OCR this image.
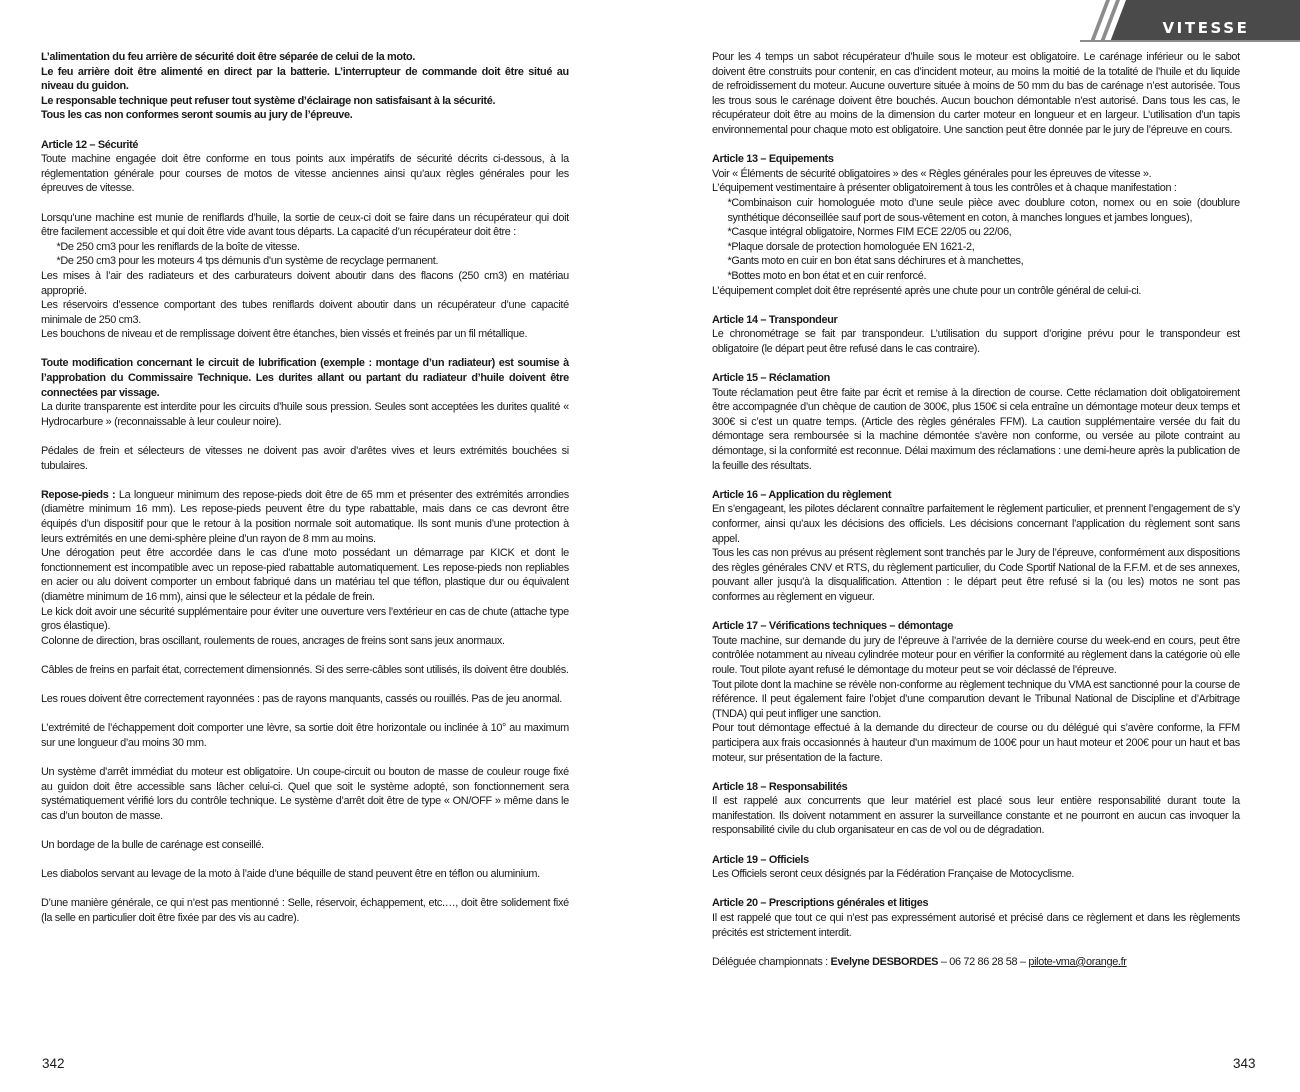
VITESSE

L’alimentation du feu arrière de sécurité doit être séparée de celui de la moto.

Le feu arrière doit être alimenté en direct par la batterie. L’interrupteur de commande doit être situé au niveau du guidon.

Le responsable technique peut refuser tout système d’éclairage non satisfaisant à la sécurité.

Tous les cas non conformes seront soumis au jury de l’épreuve.

Article 12 – Sécurité

Toute machine engagée doit être conforme en tous points aux impératifs de sécurité décrits ci-dessous, à la réglementation générale pour courses de motos de vitesse anciennes ainsi qu’aux règles générales pour les épreuves de vitesse.

Lorsqu’une machine est munie de reniflards d’huile, la sortie de ceux-ci doit se faire dans un récupérateur qui doit être facilement accessible et qui doit être vide avant tous départs. La capacité d’un récupérateur doit être :

*De 250 cm3 pour les reniflards de la boîte de vitesse.

*De 250 cm3 pour les moteurs 4 tps démunis d’un système de recyclage permanent.

Les mises à l’air des radiateurs et des carburateurs doivent aboutir dans des flacons (250 cm3) en matériau approprié.

Les réservoirs d’essence comportant des tubes reniflards doivent aboutir dans un récupérateur d’une capacité minimale de 250 cm3.

Les bouchons de niveau et de remplissage doivent être étanches, bien vissés et freinés par un fil métallique.

Toute modification concernant le circuit de lubrification (exemple : montage d’un radiateur) est soumise à l’approbation du Commissaire Technique. Les durites allant ou partant du radiateur d’huile doivent être connectées par vissage.

La durite transparente est interdite pour les circuits d’huile sous pression. Seules sont acceptées les durites qualité « Hydrocarbure » (reconnaissable à leur couleur noire).

Pédales de frein et sélecteurs de vitesses ne doivent pas avoir d’arêtes vives et leurs extrémités bouchées si tubulaires.

Repose-pieds : La longueur minimum des repose-pieds doit être de 65 mm et présenter des extrémités arrondies (diamètre minimum 16 mm). Les repose-pieds peuvent être du type rabattable, mais dans ce cas devront être équipés d’un dispositif pour que le retour à la position normale soit automatique. Ils sont munis d’une protection à leurs extrémités en une demi-sphère pleine d’un rayon de 8 mm au moins.

Une dérogation peut être accordée dans le cas d’une moto possédant un démarrage par KICK et dont le fonctionnement est incompatible avec un repose-pied rabattable automatiquement. Les repose-pieds non repliables en acier ou alu doivent comporter un embout fabriqué dans un matériau tel que téflon, plastique dur ou équivalent (diamètre minimum de 16 mm), ainsi que le sélecteur et la pédale de frein.

Le kick doit avoir une sécurité supplémentaire pour éviter une ouverture vers l’extérieur en cas de chute (attache type gros élastique).

Colonne de direction, bras oscillant, roulements de roues, ancrages de freins sont sans jeux anormaux.

Câbles de freins en parfait état, correctement dimensionnés. Si des serre-câbles sont utilisés, ils doivent être doublés.

Les roues doivent être correctement rayonnées : pas de rayons manquants, cassés ou rouillés. Pas de jeu anormal.

L’extrémité de l’échappement doit comporter une lèvre, sa sortie doit être horizontale ou inclinée à 10° au maximum sur une longueur d’au moins 30 mm.

Un système d’arrêt immédiat du moteur est obligatoire. Un coupe-circuit ou bouton de masse de couleur rouge fixé au guidon doit être accessible sans lâcher celui-ci. Quel que soit le système adopté, son fonctionnement sera systématiquement vérifié lors du contrôle technique. Le système d’arrêt doit être de type « ON/OFF » même dans le cas d’un bouton de masse.

Un bordage de la bulle de carénage est conseillé.

Les diabolos servant au levage de la moto à l’aide d’une béquille de stand peuvent être en téflon ou aluminium.

D’une manière générale, ce qui n’est pas mentionné : Selle, réservoir, échappement, etc.…, doit être solidement fixé (la selle en particulier doit être fixée par des vis au cadre).

Pour les 4 temps un sabot récupérateur d’huile sous le moteur est obligatoire. Le carénage inférieur ou le sabot doivent être construits pour contenir, en cas d’incident moteur, au moins la moitié de la totalité de l’huile et du liquide de refroidissement du moteur. Aucune ouverture située à moins de 50 mm du bas de carénage n’est autorisée. Tous les trous sous le carénage doivent être bouchés. Aucun bouchon démontable n’est autorisé. Dans tous les cas, le récupérateur doit être au moins de la dimension du carter moteur en longueur et en largeur. L’utilisation d’un tapis environnemental pour chaque moto est obligatoire. Une sanction peut être donnée par le jury de l’épreuve en cours.

Article 13 – Equipements

Voir « Éléments de sécurité obligatoires » des « Règles générales pour les épreuves de vitesse ».

L’équipement vestimentaire à présenter obligatoirement à tous les contrôles et à chaque manifestation :

*Combinaison cuir homologuée moto d’une seule pièce avec doublure coton, nomex ou en soie (doublure synthétique déconseillée sauf port de sous-vêtement en coton, à manches longues et jambes longues),

*Casque intégral obligatoire, Normes FIM ECE 22/05 ou 22/06,

*Plaque dorsale de protection homologuée EN 1621-2,

*Gants moto en cuir en bon état sans déchirures et à manchettes,

*Bottes moto en bon état et en cuir renforcé.

L’équipement complet doit être représenté après une chute pour un contrôle général de celui-ci.

Article 14 – Transpondeur

Le chronométrage se fait par transpondeur. L’utilisation du support d’origine prévu pour le transpondeur est obligatoire (le départ peut être refusé dans le cas contraire).

Article 15 – Réclamation

Toute réclamation peut être faite par écrit et remise à la direction de course. Cette réclamation doit obligatoirement être accompagnée d’un chèque de caution de 300€, plus 150€ si cela entraîne un démontage moteur deux temps et 300€ si c’est un quatre temps. (Article des règles générales FFM). La caution supplémentaire versée du fait du démontage sera remboursée si la machine démontée s’avère non conforme, ou versée au pilote contraint au démontage, si la conformité est reconnue. Délai maximum des réclamations : une demi-heure après la publication de la feuille des résultats.

Article 16 – Application du règlement

En s’engageant, les pilotes déclarent connaître parfaitement le règlement particulier, et prennent l’engagement de s’y conformer, ainsi qu’aux les décisions des officiels. Les décisions concernant l’application du règlement sont sans appel.

Tous les cas non prévus au présent règlement sont tranchés par le Jury de l’épreuve, conformément aux dispositions des règles générales CNV et RTS, du règlement particulier, du Code Sportif National de la F.F.M. et de ses annexes, pouvant aller jusqu’à la disqualification. Attention : le départ peut être refusé si la (ou les) motos ne sont pas conformes au règlement en vigueur.

Article 17 – Vérifications techniques – démontage

Toute machine, sur demande du jury de l’épreuve à l’arrivée de la dernière course du week-end en cours, peut être contrôlée notamment au niveau cylindrée moteur pour en vérifier la conformité au règlement dans la catégorie où elle roule. Tout pilote ayant refusé le démontage du moteur peut se voir déclassé de l’épreuve.

Tout pilote dont la machine se révèle non-conforme au règlement technique du VMA est sanctionné pour la course de référence. Il peut également faire l’objet d’une comparution devant le Tribunal National de Discipline et d’Arbitrage (TNDA) qui peut infliger une sanction.

Pour tout démontage effectué à la demande du directeur de course ou du délégué qui s’avère conforme, la FFM participera aux frais occasionnés à hauteur d’un maximum de 100€ pour un haut moteur et 200€ pour un haut et bas moteur, sur présentation de la facture.

Article 18 – Responsabilités

Il est rappelé aux concurrents que leur matériel est placé sous leur entière responsabilité durant toute la manifestation. Ils doivent notamment en assurer la surveillance constante et ne pourront en aucun cas invoquer la responsabilité civile du club organisateur en cas de vol ou de dégradation.

Article 19 – Officiels

Les Officiels seront ceux désignés par la Fédération Française de Motocyclisme.

Article 20 – Prescriptions générales et litiges

Il est rappelé que tout ce qui n’est pas expressément autorisé et précisé dans ce règlement et dans les règlements précités est strictement interdit.

Déléguée championnats : Evelyne DESBORDES – 06 72 86 28 58 – pilote-vma@orange.fr

342	343
